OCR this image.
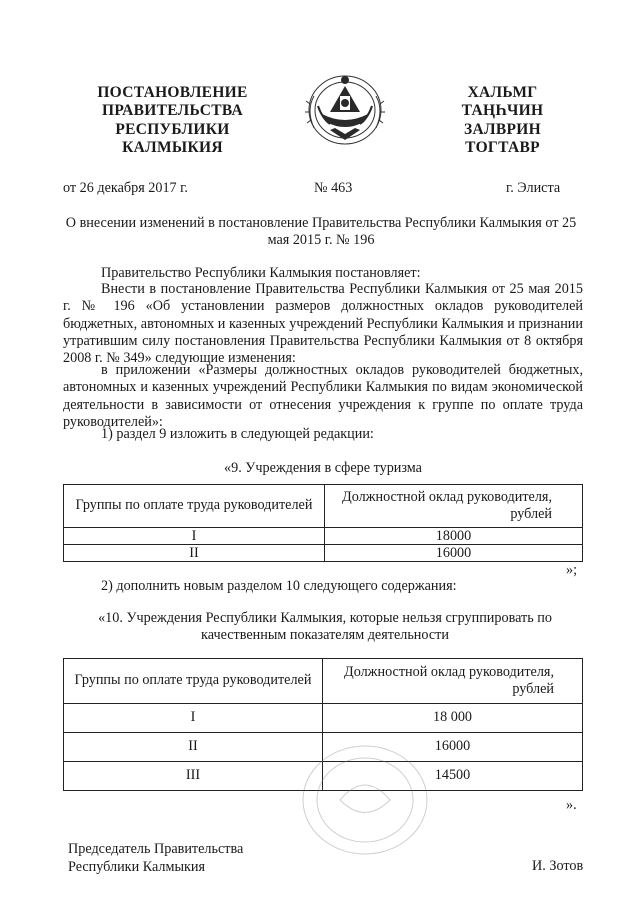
ПОСТАНОВЛЕНИЕ
ПРАВИТЕЛЬСТВА
РЕСПУБЛИКИ
КАЛМЫКИЯ
ХАЛЬМГ
ТАҢҺЧИН
ЗАЛВРИН
ТОГТАВР
от 26 декабря 2017 г.	№ 463	г. Элиста
О внесении изменений в постановление Правительства Республики Калмыкия от 25 мая 2015 г. № 196
Правительство Республики Калмыкия постановляет:
Внести в постановление Правительства Республики Калмыкия от 25 мая 2015 г. № 196 «Об установлении размеров должностных окладов руководителей бюджетных, автономных и казенных учреждений Республики Калмыкия и признании утратившим силу постановления Правительства Республики Калмыкия от 8 октября 2008 г. № 349» следующие изменения:
в приложении «Размеры должностных окладов руководителей бюджетных, автономных и казенных учреждений Республики Калмыкия по видам экономической деятельности в зависимости от отнесения учреждения к группе по оплате труда руководителей»:
1) раздел 9 изложить в следующей редакции:
«9. Учреждения в сфере туризма
Группы по оплате труда руководителей	Должностной оклад руководителя, рублей
I	18000
II	16000
»;
2) дополнить новым разделом 10 следующего содержания:
«10. Учреждения Республики Калмыкия, которые нельзя сгруппировать по качественным показателям деятельности
Группы по оплате труда руководителей	Должностной оклад руководителя, рублей
I	18 000
II	16000
III	14500
».
Председатель Правительства
Республики Калмыкия	И. Зотов
